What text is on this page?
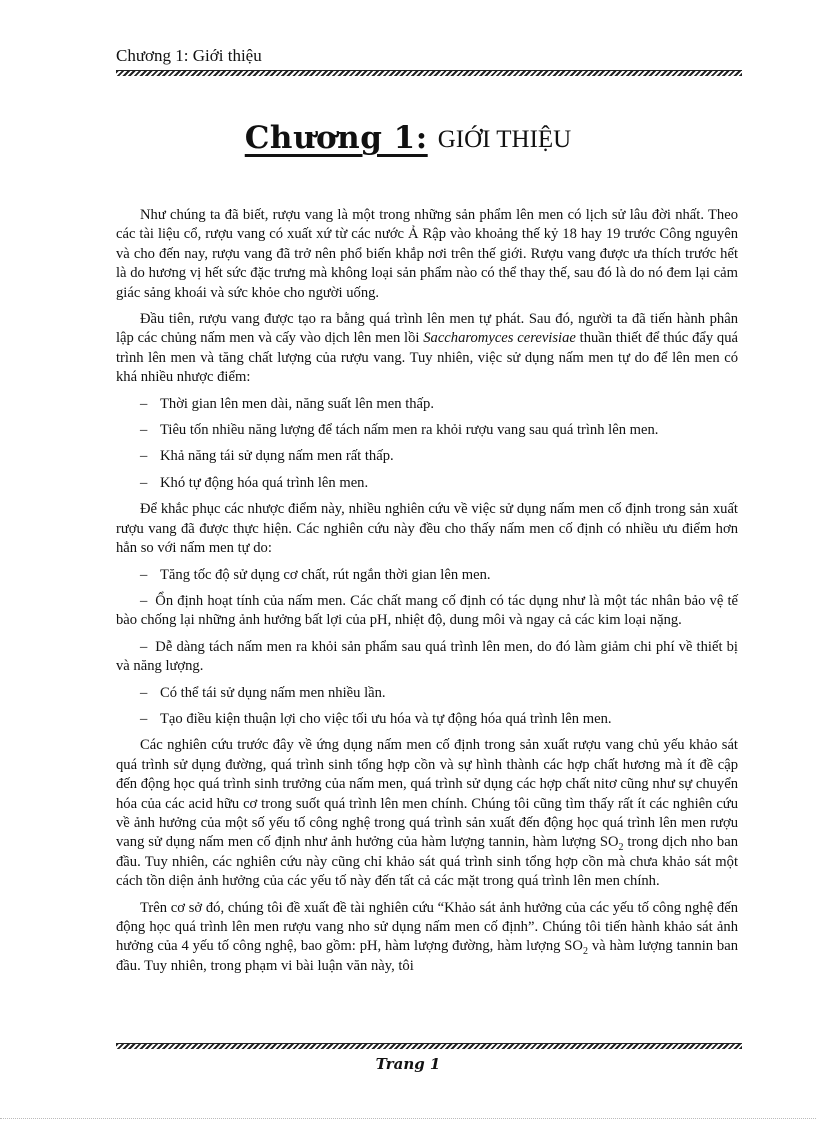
Chương 1: Giới thiệu
Chương 1: GIỚI THIỆU

Như chúng ta đã biết, rượu vang là một trong những sản phẩm lên men có lịch sử lâu đời nhất. Theo các tài liệu cổ, rượu vang có xuất xứ từ các nước Ả Rập vào khoảng thế kỷ 18 hay 19 trước Công nguyên và cho đến nay, rượu vang đã trở nên phổ biến khắp nơi trên thế giới. Rượu vang được ưa thích trước hết là do hương vị hết sức đặc trưng mà không loại sản phẩm nào có thể thay thế, sau đó là do nó đem lại cảm giác sảng khoái và sức khỏe cho người uống.

Đầu tiên, rượu vang được tạo ra bằng quá trình lên men tự phát. Sau đó, người ta đã tiến hành phân lập các chủng nấm men và cấy vào dịch lên men lồi Saccharomyces cerevisiae thuần thiết để thúc đẩy quá trình lên men và tăng chất lượng của rượu vang. Tuy nhiên, việc sử dụng nấm men tự do để lên men có khá nhiều nhược điểm:

– Thời gian lên men dài, năng suất lên men thấp.
– Tiêu tốn nhiều năng lượng để tách nấm men ra khỏi rượu vang sau quá trình lên men.
– Khả năng tái sử dụng nấm men rất thấp.
– Khó tự động hóa quá trình lên men.

Để khắc phục các nhược điểm này, nhiều nghiên cứu về việc sử dụng nấm men cố định trong sản xuất rượu vang đã được thực hiện. Các nghiên cứu này đều cho thấy nấm men cố định có nhiều ưu điểm hơn hẳn so với nấm men tự do:

– Tăng tốc độ sử dụng cơ chất, rút ngắn thời gian lên men.
– Ổn định hoạt tính của nấm men. Các chất mang cố định có tác dụng như là một tác nhân bảo vệ tế bào chống lại những ảnh hưởng bất lợi của pH, nhiệt độ, dung môi và ngay cả các kim loại nặng.
– Dễ dàng tách nấm men ra khỏi sản phẩm sau quá trình lên men, do đó làm giảm chi phí về thiết bị và năng lượng.
– Có thể tái sử dụng nấm men nhiều lần.
– Tạo điều kiện thuận lợi cho việc tối ưu hóa và tự động hóa quá trình lên men.

Các nghiên cứu trước đây về ứng dụng nấm men cố định trong sản xuất rượu vang chủ yếu khảo sát quá trình sử dụng đường, quá trình sinh tổng hợp cồn và sự hình thành các hợp chất hương mà ít đề cập đến động học quá trình sinh trưởng của nấm men, quá trình sử dụng các hợp chất nitơ cũng như sự chuyển hóa của các acid hữu cơ trong suốt quá trình lên men chính. Chúng tôi cũng tìm thấy rất ít các nghiên cứu về ảnh hưởng của một số yếu tố công nghệ trong quá trình sản xuất đến động học quá trình lên men rượu vang sử dụng nấm men cố định như ảnh hưởng của hàm lượng tannin, hàm lượng $SO_2$ trong dịch nho ban đầu. Tuy nhiên, các nghiên cứu này cũng chỉ khảo sát quá trình sinh tổng hợp cồn mà chưa khảo sát một cách tồn diện ảnh hưởng của các yếu tố này đến tất cả các mặt trong quá trình lên men chính.

Trên cơ sở đó, chúng tôi đề xuất đề tài nghiên cứu “Khảo sát ảnh hưởng của các yếu tố công nghệ đến động học quá trình lên men rượu vang nho sử dụng nấm men cố định”. Chúng tôi tiến hành khảo sát ảnh hưởng của 4 yếu tố công nghệ, bao gồm: pH, hàm lượng đường, hàm lượng $SO_2$ và hàm lượng tannin ban đầu. Tuy nhiên, trong phạm vi bài luận văn này, tôi

Trang 1
